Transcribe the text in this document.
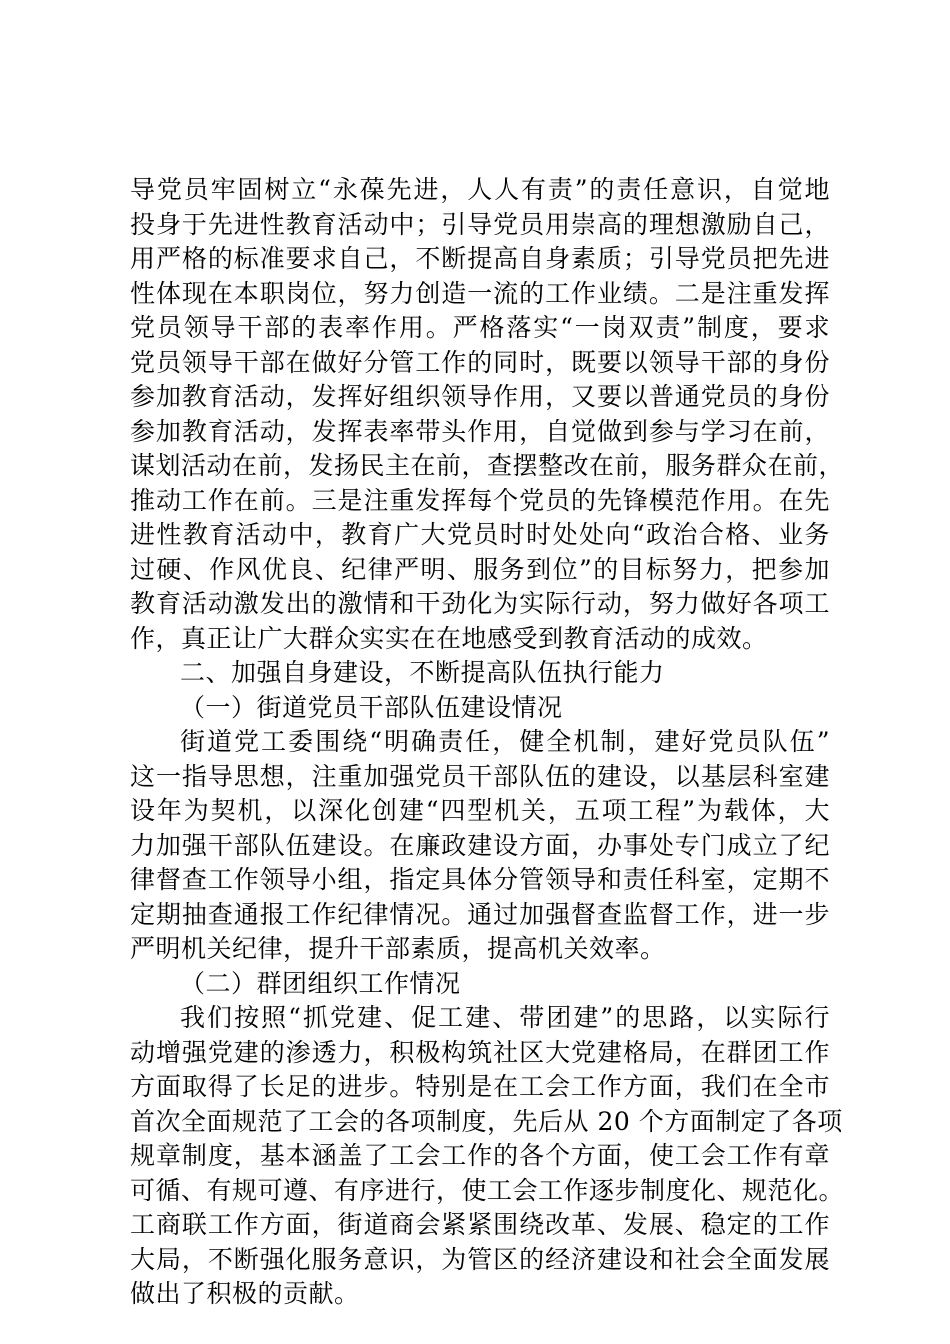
导党员牢固树立“永葆先进，人人有责”的责任意识，自觉地
投身于先进性教育活动中；引导党员用崇高的理想激励自己，
用严格的标准要求自己，不断提高自身素质；引导党员把先进
性体现在本职岗位，努力创造一流的工作业绩。二是注重发挥
党员领导干部的表率作用。严格落实“一岗双责”制度，要求
党员领导干部在做好分管工作的同时，既要以领导干部的身份
参加教育活动，发挥好组织领导作用，又要以普通党员的身份
参加教育活动，发挥表率带头作用，自觉做到参与学习在前，
谋划活动在前，发扬民主在前，查摆整改在前，服务群众在前，
推动工作在前。三是注重发挥每个党员的先锋模范作用。在先
进性教育活动中，教育广大党员时时处处向“政治合格、业务
过硬、作风优良、纪律严明、服务到位”的目标努力，把参加
教育活动激发出的激情和干劲化为实际行动，努力做好各项工
作，真正让广大群众实实在在地感受到教育活动的成效。
二、加强自身建设，不断提高队伍执行能力
（一）街道党员干部队伍建设情况
街道党工委围绕“明确责任，健全机制，建好党员队伍”
这一指导思想，注重加强党员干部队伍的建设，以基层科室建
设年为契机，以深化创建“四型机关，五项工程”为载体，大
力加强干部队伍建设。在廉政建设方面，办事处专门成立了纪
律督查工作领导小组，指定具体分管领导和责任科室，定期不
定期抽查通报工作纪律情况。通过加强督查监督工作，进一步
严明机关纪律，提升干部素质，提高机关效率。
（二）群团组织工作情况
我们按照“抓党建、促工建、带团建”的思路，以实际行
动增强党建的渗透力，积极构筑社区大党建格局，在群团工作
方面取得了长足的进步。特别是在工会工作方面，我们在全市
首次全面规范了工会的各项制度，先后从 20 个方面制定了各项
规章制度，基本涵盖了工会工作的各个方面，使工会工作有章
可循、有规可遵、有序进行，使工会工作逐步制度化、规范化。
工商联工作方面，街道商会紧紧围绕改革、发展、稳定的工作
大局，不断强化服务意识，为管区的经济建设和社会全面发展
做出了积极的贡献。
